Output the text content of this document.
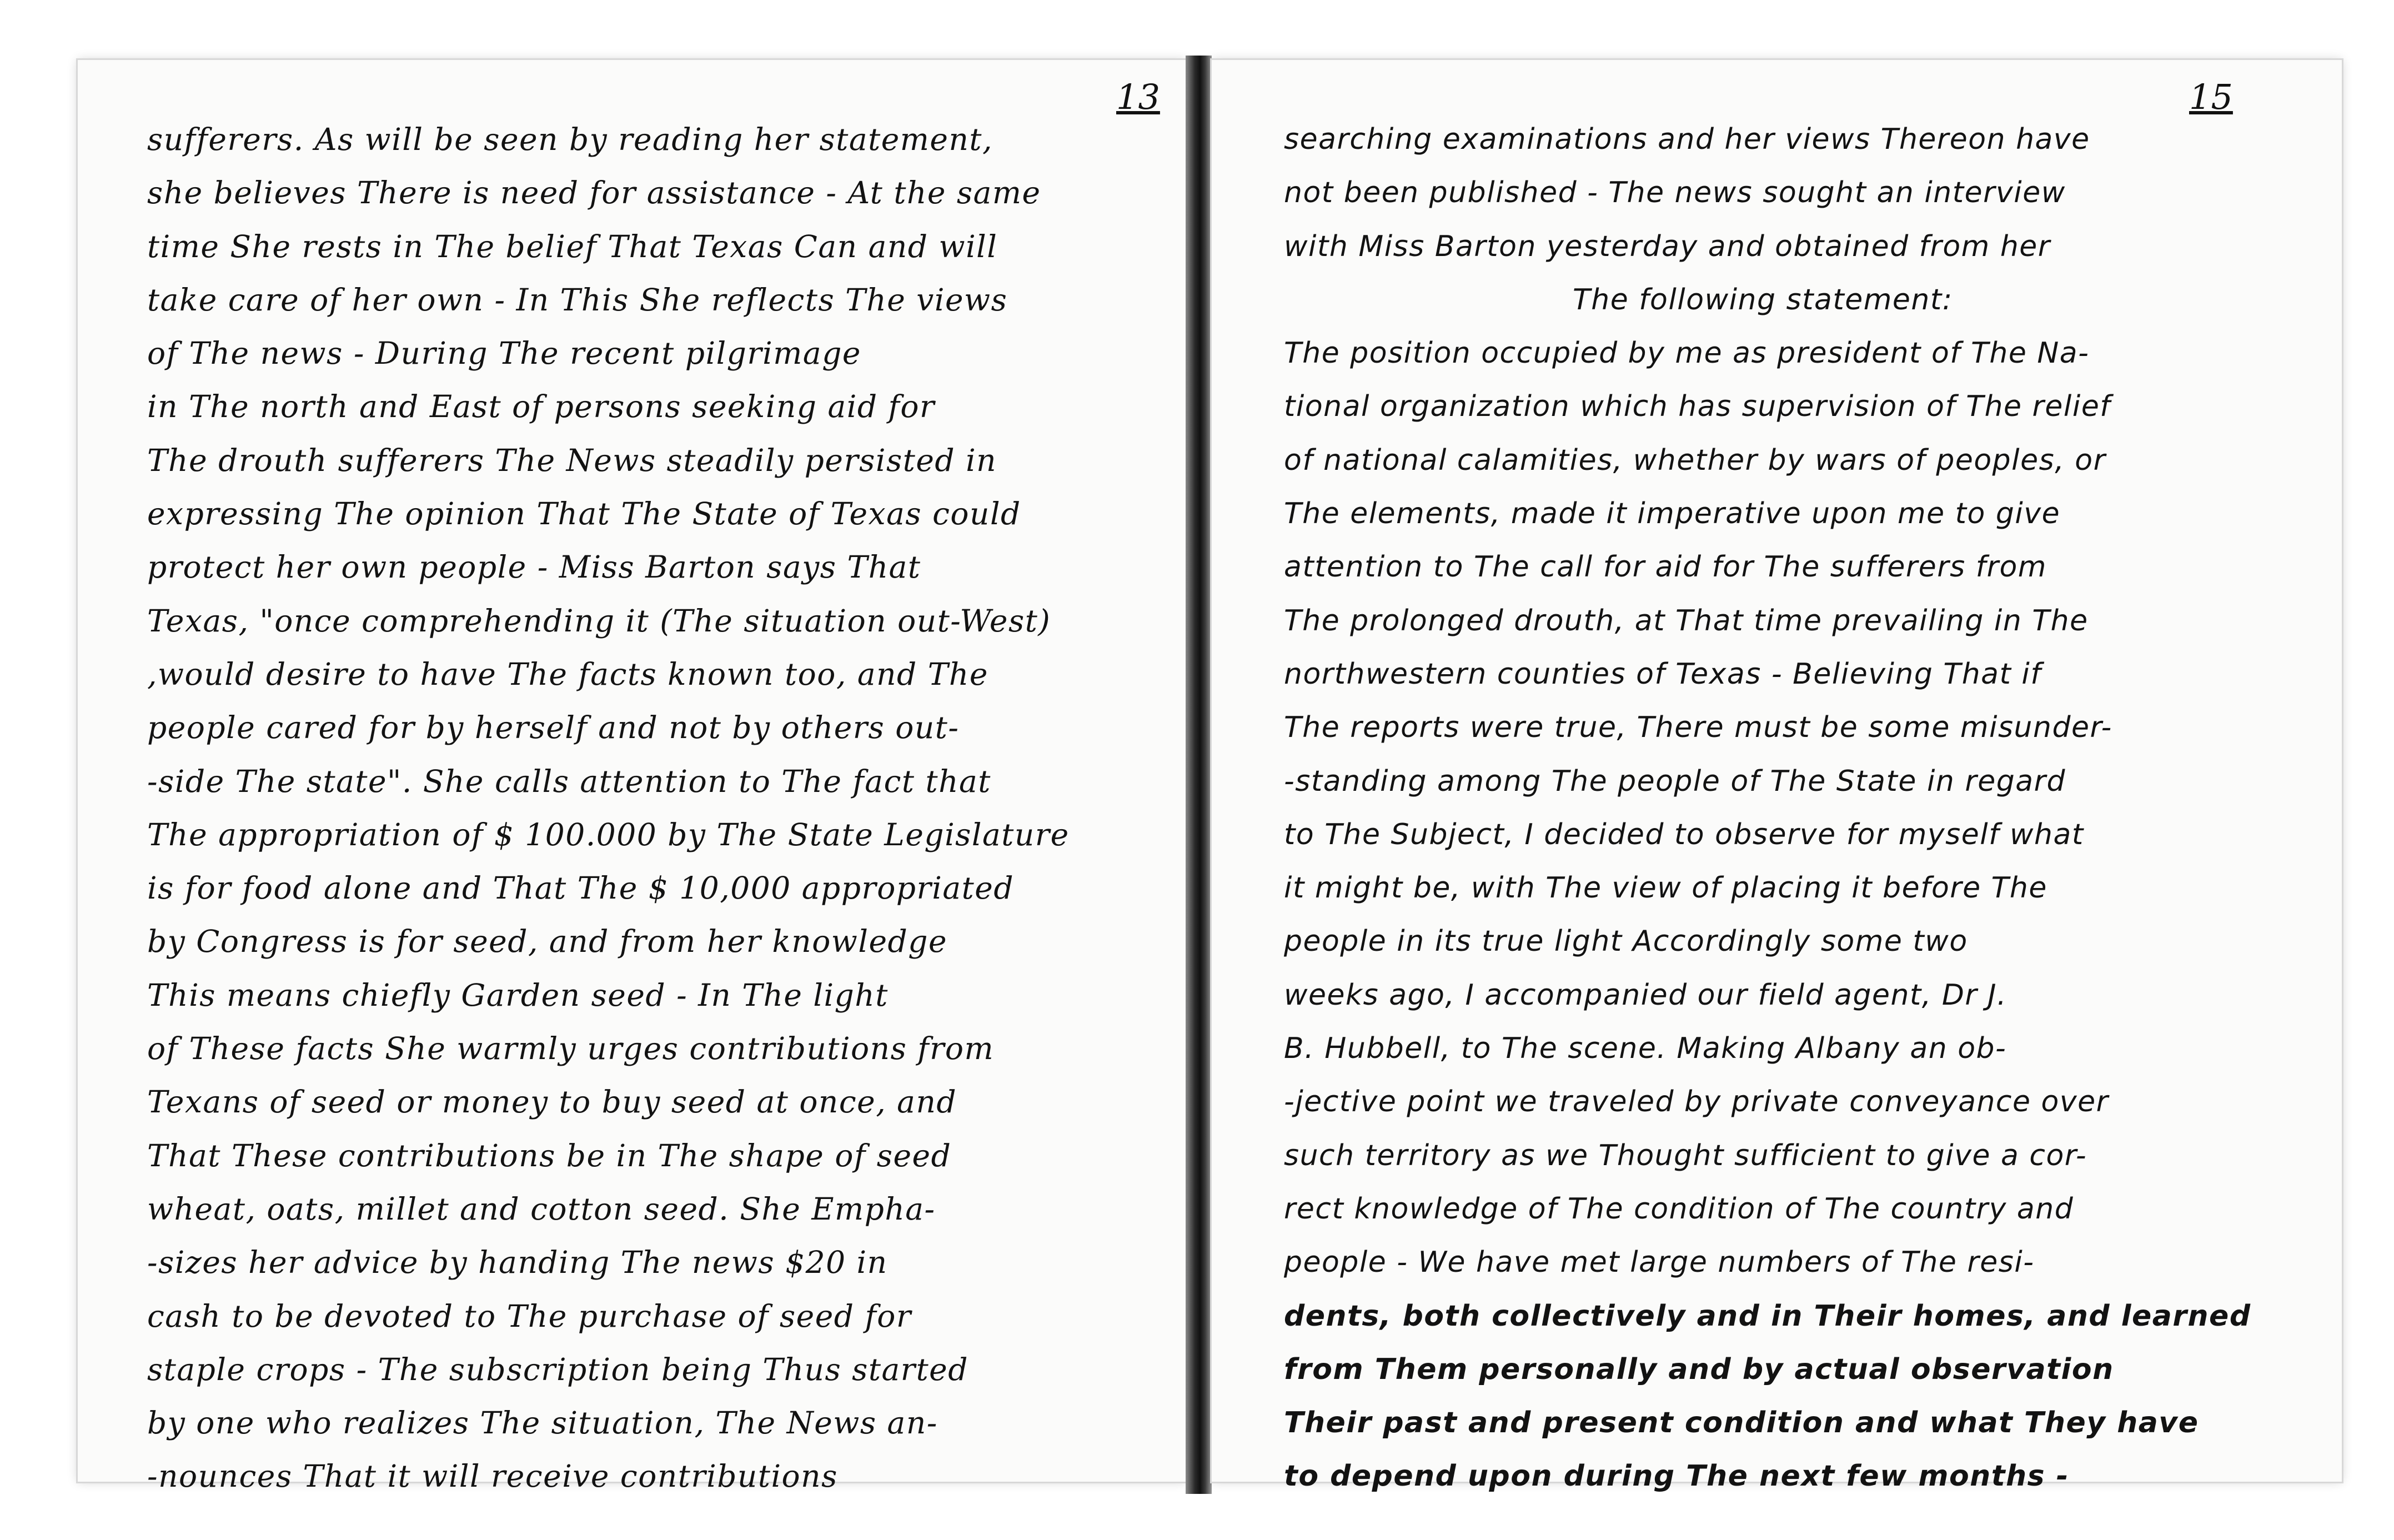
13
sufferers. As will be seen by reading her statement,
she believes There is need for assistance - At the same
time She rests in The belief That Texas Can and will
take care of her own - In This She reflects The views
of The news - During The recent pilgrimage
in The north and East of persons seeking aid for
The drouth sufferers The News steadily persisted in
expressing The opinion That The State of Texas could
protect her own people - Miss Barton says That
Texas, "once comprehending it (The situation out-West)
,would desire to have The facts known too, and The
people cared for by herself and not by others out-
-side The state". She calls attention to The fact that
The appropriation of $ 100.000 by The State Legislature
is for food alone and That The $ 10,000 appropriated
by Congress is for seed, and from her knowledge
This means chiefly Garden seed - In The light
of These facts She warmly urges contributions from
Texans of seed or money to buy seed at once, and
That These contributions be in The shape of seed
wheat, oats, millet and cotton seed. She Empha-
-sizes her advice by handing The news $20 in
cash to be devoted to The purchase of seed for
staple crops - The subscription being Thus started
by one who realizes The situation, The News an-
-nounces That it will receive contributions
15
searching examinations and her views Thereon have
not been published - The news sought an interview
with Miss Barton yesterday and obtained from her
The following statement:
The position occupied by me as president of The Na-
tional organization which has supervision of The relief
of national calamities, whether by wars of peoples, or
The elements, made it imperative upon me to give
attention to The call for aid for The sufferers from
The prolonged drouth, at That time prevailing in The
northwestern counties of Texas - Believing That if
The reports were true, There must be some misunder-
-standing among The people of The State in regard
to The Subject, I decided to observe for myself what
it might be, with The view of placing it before The
people in its true light Accordingly some two
weeks ago, I accompanied our field agent, Dr J.
B. Hubbell, to The scene. Making Albany an ob-
-jective point we traveled by private conveyance over
such territory as we Thought sufficient to give a cor-
rect knowledge of The condition of The country and
people - We have met large numbers of The resi-
dents, both collectively and in Their homes, and learned
from Them personally and by actual observation
Their past and present condition and what They have
to depend upon during The next few months -
